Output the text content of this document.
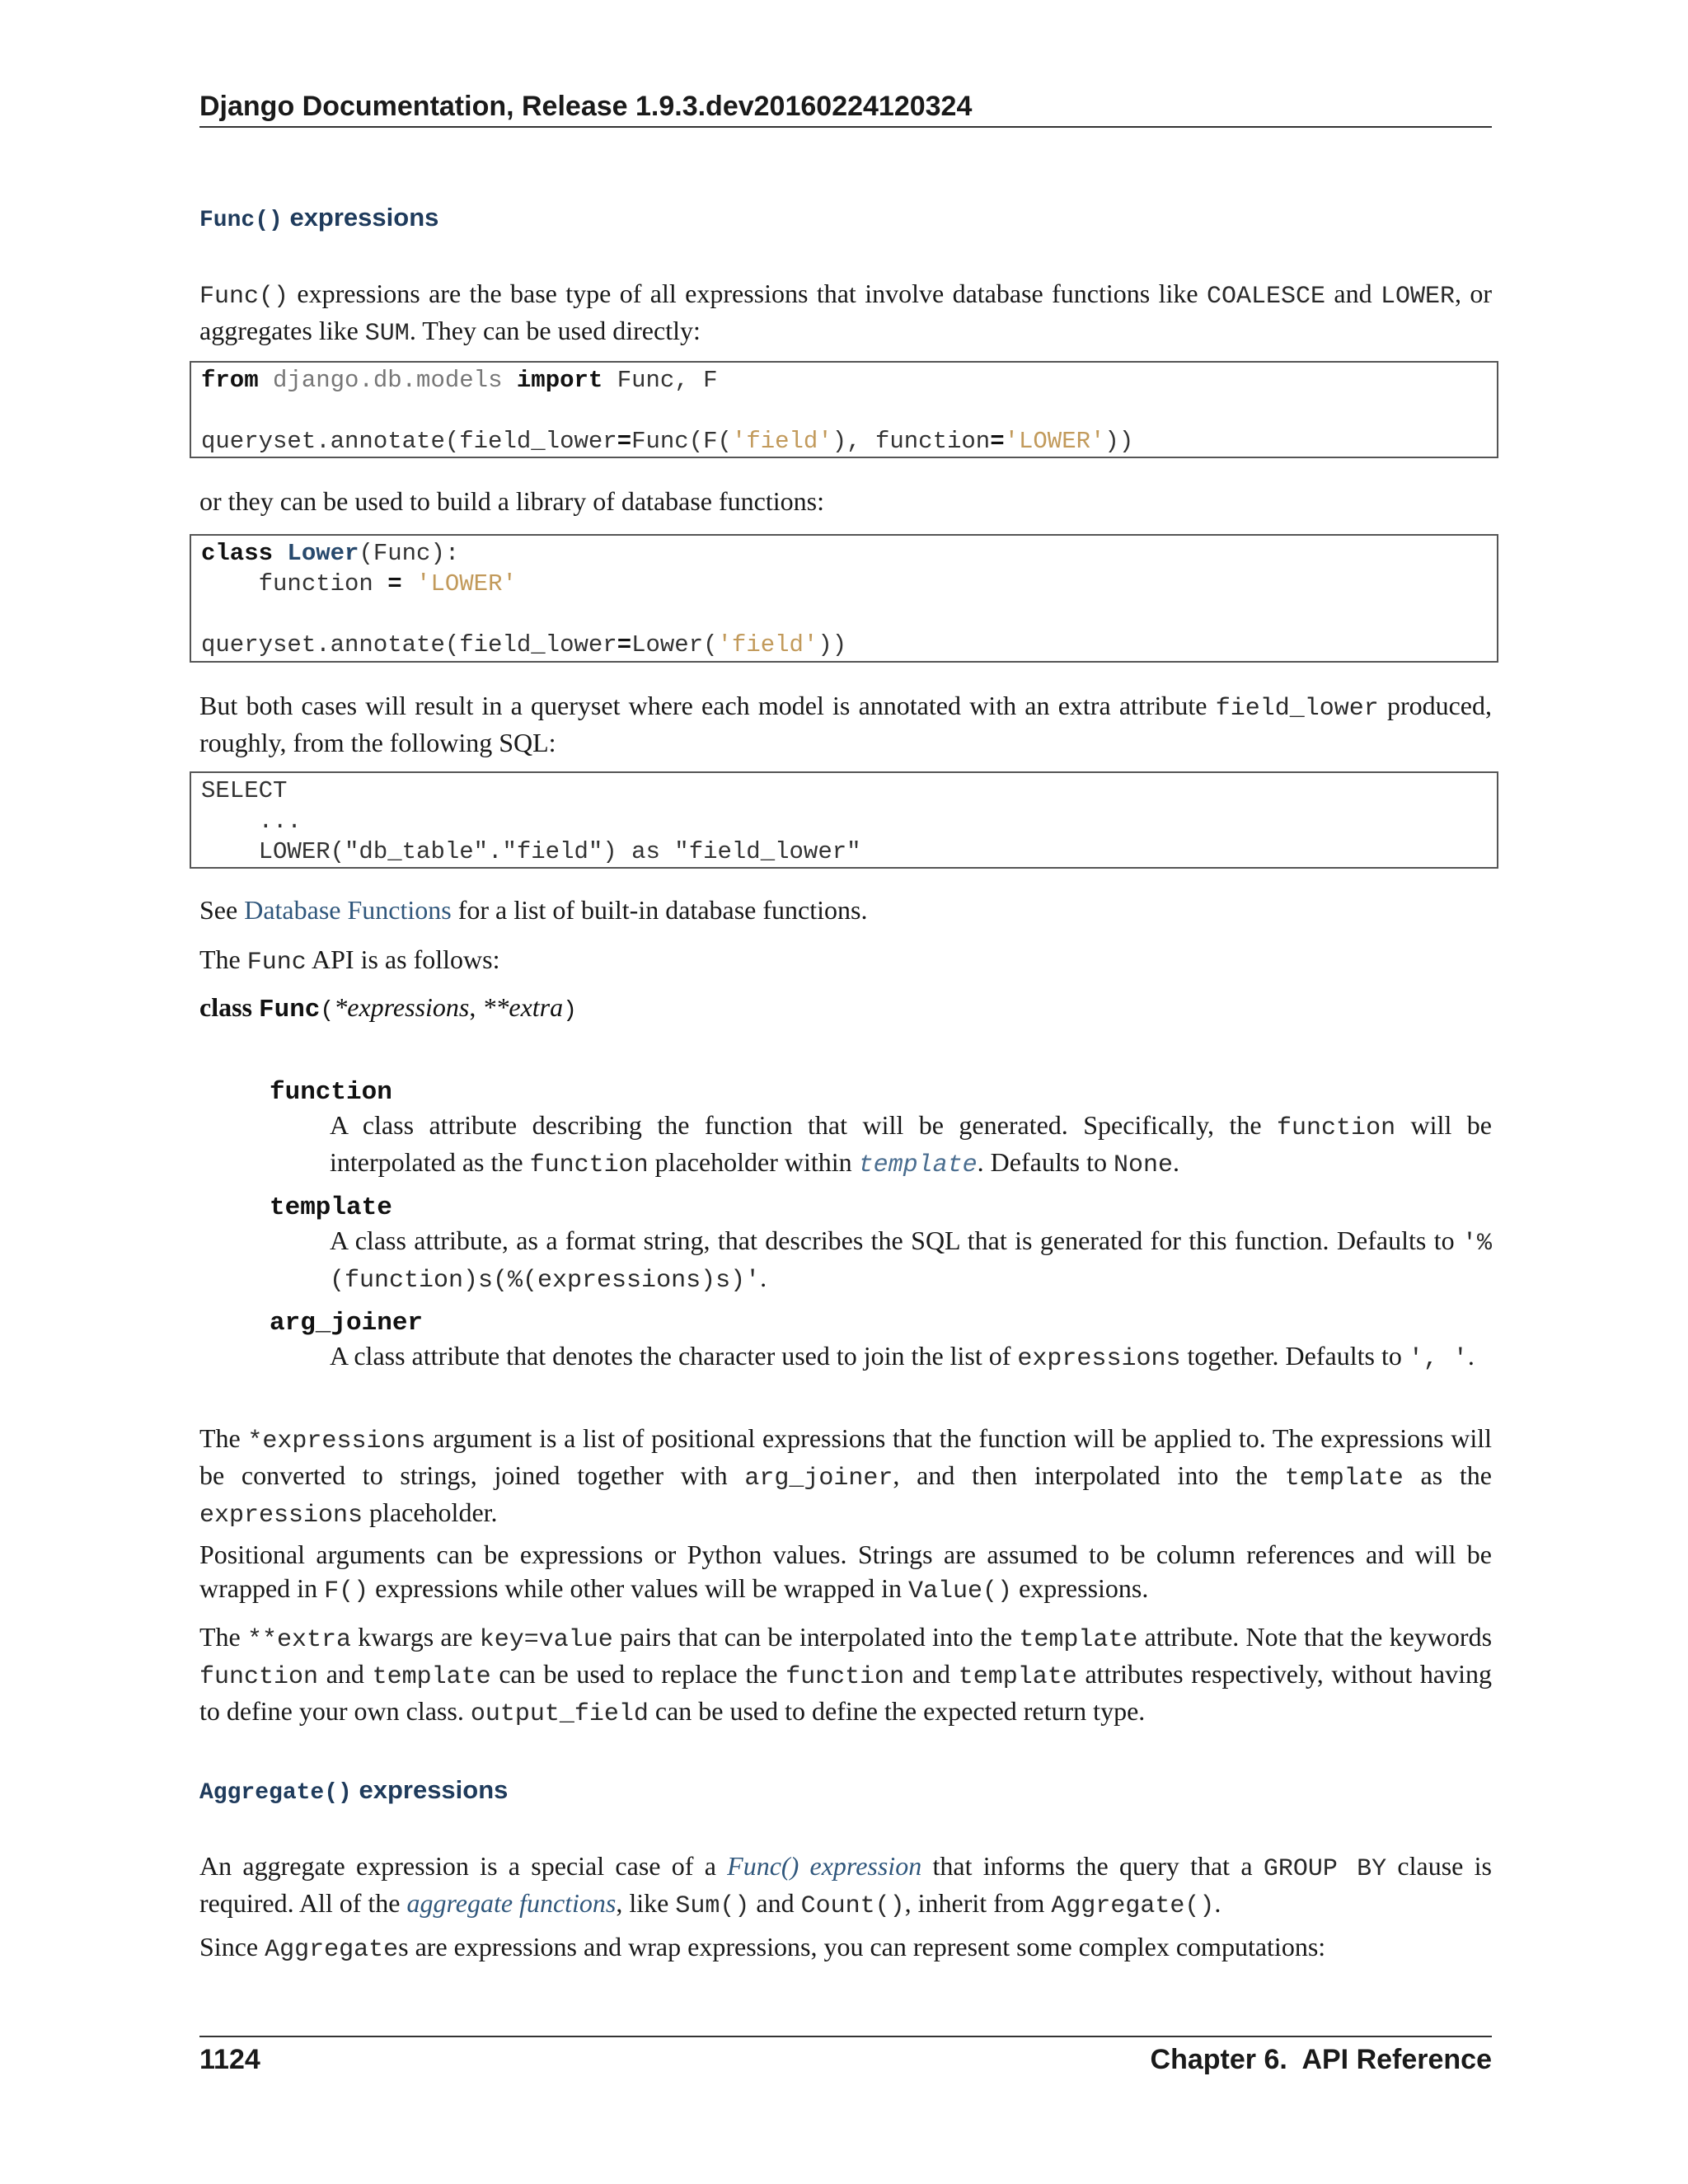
Django Documentation, Release 1.9.3.dev20160224120324
Func() expressions
Func() expressions are the base type of all expressions that involve database functions like COALESCE and LOWER, or aggregates like SUM. They can be used directly:
from django.db.models import Func, F

queryset.annotate(field_lower=Func(F('field'), function='LOWER'))
or they can be used to build a library of database functions:
class Lower(Func):
function = 'LOWER'

queryset.annotate(field_lower=Lower('field'))
But both cases will result in a queryset where each model is annotated with an extra attribute field_lower produced, roughly, from the following SQL:
SELECT
...
LOWER("db_table"."field") as "field_lower"
See Database Functions for a list of built-in database functions.
The Func API is as follows:
class Func(*expressions, **extra)
function
A class attribute describing the function that will be generated. Specifically, the function will be interpolated as the function placeholder within template. Defaults to None.
template
A class attribute, as a format string, that describes the SQL that is generated for this function. Defaults to '%(function)s(%(expressions)s)'.
arg_joiner
A class attribute that denotes the character used to join the list of expressions together. Defaults to ', '.
The *expressions argument is a list of positional expressions that the function will be applied to. The expressions will be converted to strings, joined together with arg_joiner, and then interpolated into the template as the expressions placeholder.
Positional arguments can be expressions or Python values. Strings are assumed to be column references and will be wrapped in F() expressions while other values will be wrapped in Value() expressions.
The **extra kwargs are key=value pairs that can be interpolated into the template attribute. Note that the keywords function and template can be used to replace the function and template attributes respectively, without having to define your own class. output_field can be used to define the expected return type.
Aggregate() expressions
An aggregate expression is a special case of a Func() expression that informs the query that a GROUP BY clause is required. All of the aggregate functions, like Sum() and Count(), inherit from Aggregate().
Since Aggregates are expressions and wrap expressions, you can represent some complex computations:
1124	Chapter 6.  API Reference
